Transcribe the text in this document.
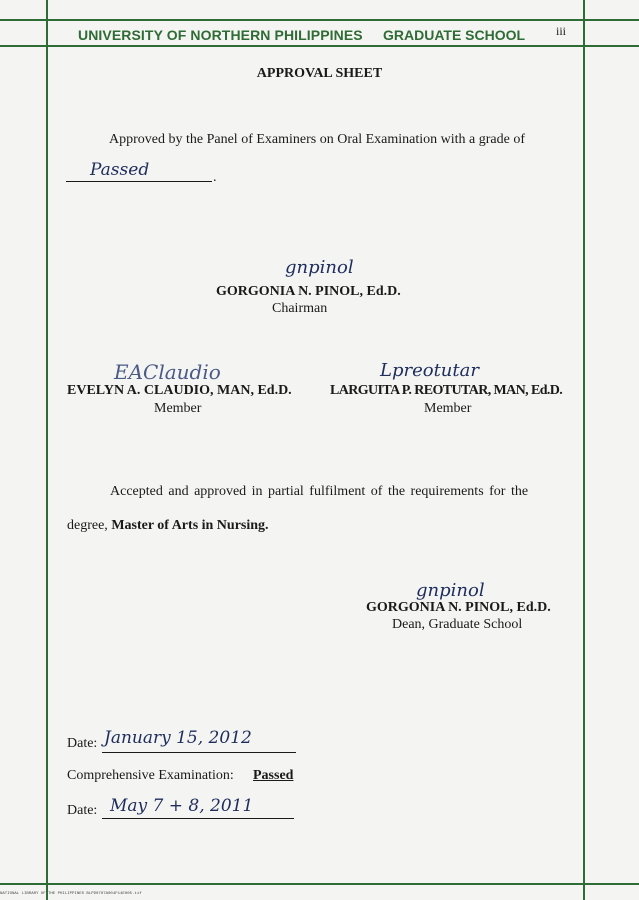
UNIVERSITY OF NORTHERN PHILIPPINES GRADUATE SCHOOL	iii
APPROVAL SHEET
Approved by the Panel of Examiners on Oral Examination with a grade of
Passed	.
gnpinol
GORGONIA N. PINOL, Ed.D.
Chairman
EAClaudio
EVELYN A. CLAUDIO, MAN, Ed.D.
Member
Lpreotutar
LARGUITA P. REOTUTAR, MAN, Ed.D.
Member
Accepted and approved in partial fulfilment of the requirements for the
degree, Master of Arts in Nursing.
gnpinol
GORGONIA N. PINOL, Ed.D.
Dean, Graduate School
Date: January 15, 2012
Comprehensive Examination: Passed
Date: May 7 + 8, 2011
NATIONAL LIBRARY OF THE PHILIPPINES BLPD0707A004F14E005.tif
